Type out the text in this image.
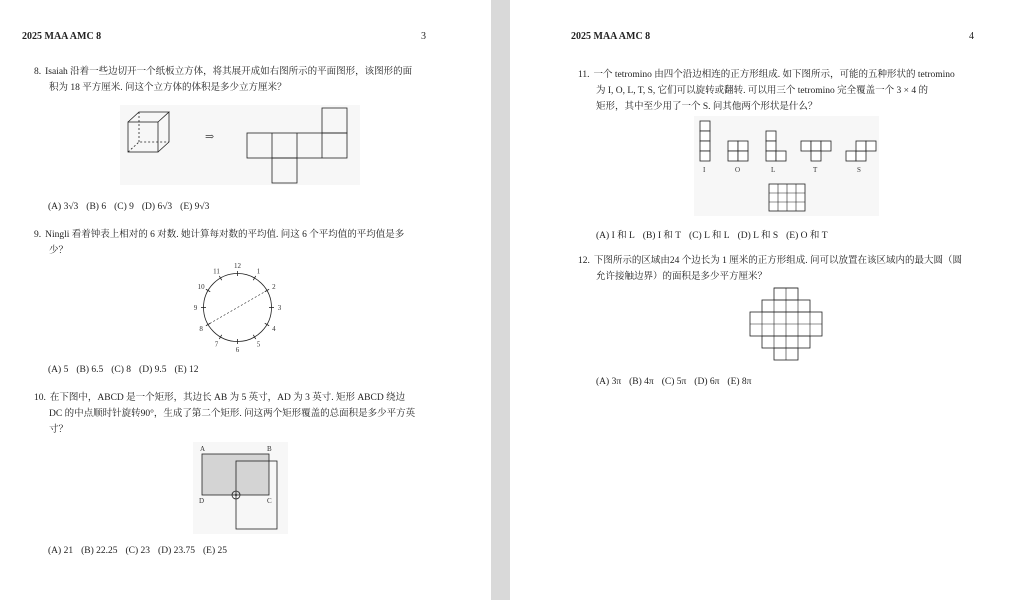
2025 MAA AMC 8	3
8. Isaiah 沿着一些边切开一个纸板立方体，将其展开成如右图所示的平面图形，该图形的面
积为 18 平方厘米. 问这个立方体的体积是多少立方厘米？
⇒
(A) 3√3 (B) 6 (C) 9 (D) 6√3 (E) 9√3
9. Ningli 看着钟表上相对的 6 对数. 她计算每对数的平均值. 问这 6 个平均值的平均值是多
少？
12
1
2
3
4
5
6
7
8
9
10
11
(A) 5 (B) 6.5 (C) 8 (D) 9.5 (E) 12
10. 在下图中，ABCD 是一个矩形，其边长 AB 为 5 英寸，AD 为 3 英寸. 矩形 ABCD 绕边
DC 的中点顺时针旋转90°，生成了第二个矩形. 问这两个矩形覆盖的总面积是多少平方英
寸？
A	B
D	C
(A) 21 (B) 22.25 (C) 23 (D) 23.75 (E) 25
2025 MAA AMC 8	4
11. 一个 tetromino 由四个沿边相连的正方形组成. 如下图所示，可能的五种形状的 tetromino
为 I, O, L, T, S, 它们可以旋转或翻转. 可以用三个 tetromino 完全覆盖一个 3 × 4 的
矩形，其中至少用了一个 S. 问其他两个形状是什么？
I	O	L	T	S
(A) I 和 L (B) I 和 T (C) L 和 L (D) L 和 S (E) O 和 T
12. 下图所示的区域由24 个边长为 1 厘米的正方形组成. 问可以放置在该区域内的最大圆（圆
允许接触边界）的面积是多少平方厘米？
(A) 3π (B) 4π (C) 5π (D) 6π (E) 8π
